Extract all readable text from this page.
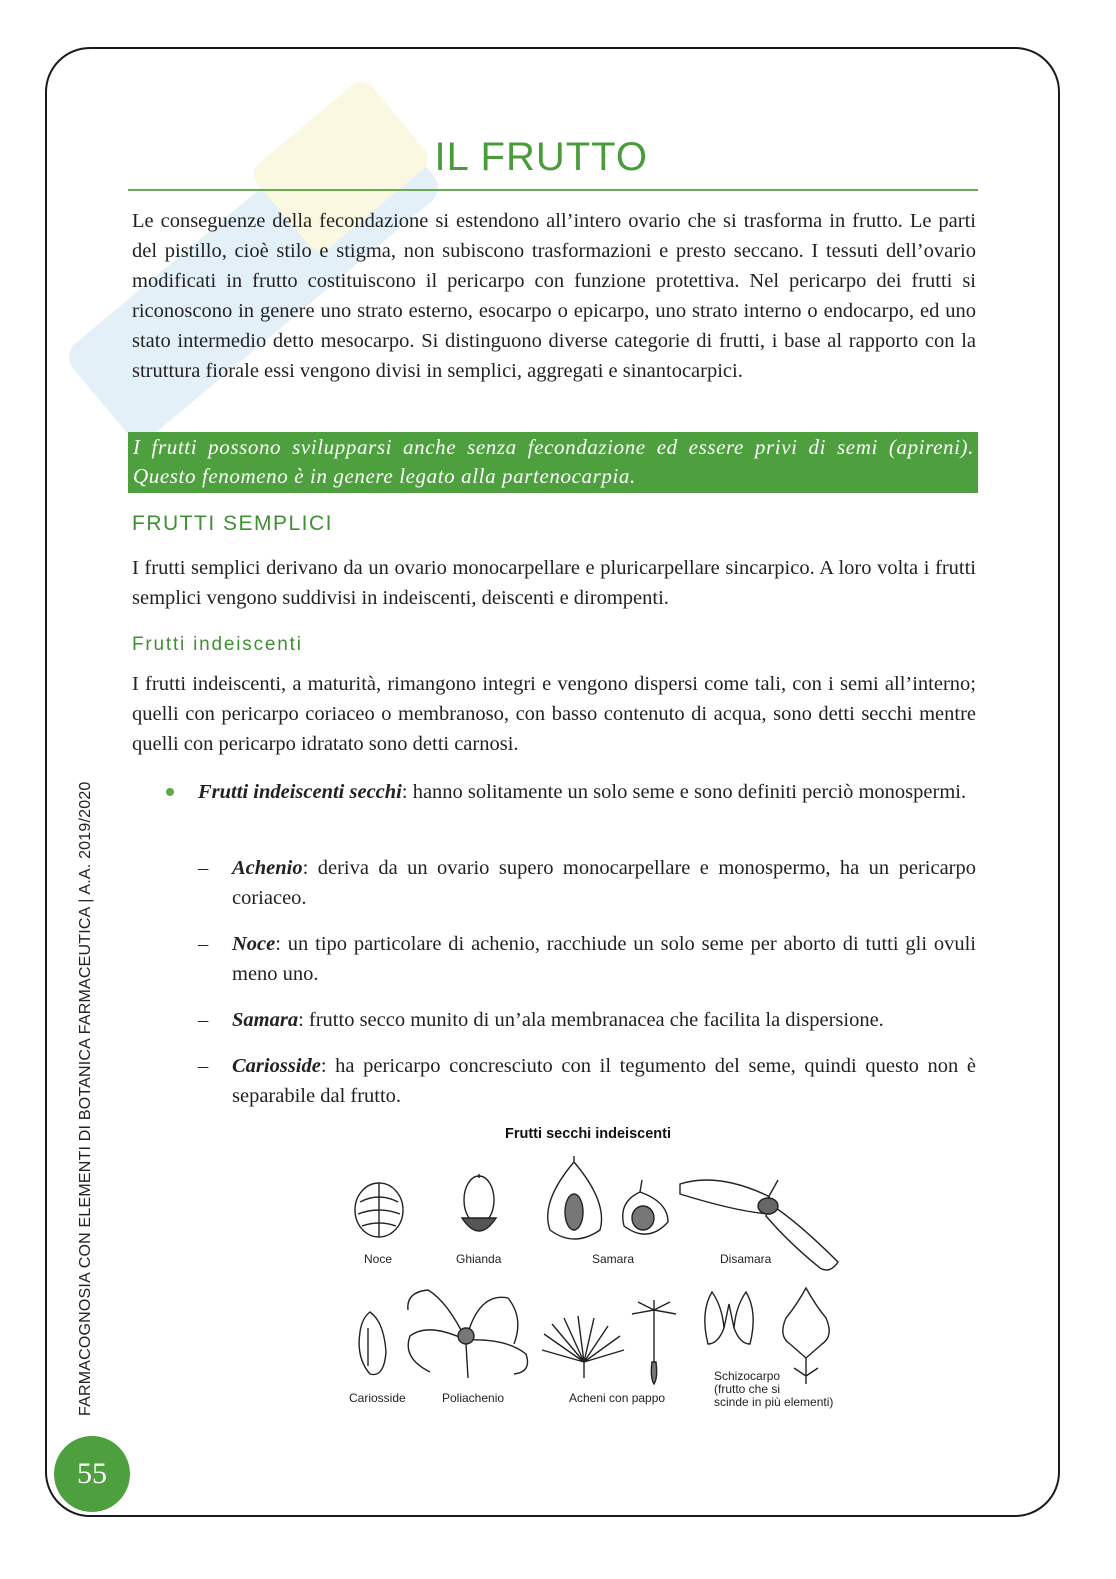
IL FRUTTO

Le conseguenze della fecondazione si estendono all’intero ovario che si trasforma in frutto. Le parti del pistillo, cioè stilo e stigma, non subiscono trasformazioni e presto seccano. I tessuti dell’ovario modificati in frutto costituiscono il pericarpo con funzione protettiva. Nel pericarpo dei frutti si riconoscono in genere uno strato esterno, esocarpo o epicarpo, uno strato interno o endocarpo, ed uno stato intermedio detto mesocarpo. Si distinguono diverse categorie di frutti, i base al rapporto con la struttura fiorale essi vengono divisi in semplici, aggregati e sinantocarpici.

I frutti possono svilupparsi anche senza fecondazione ed essere privi di semi (apireni). Questo fenomeno è in genere legato alla partenocarpia.
FRUTTI SEMPLICI

I frutti semplici derivano da un ovario monocarpellare e pluricarpellare sincarpico. A loro volta i frutti semplici vengono suddivisi in indeiscenti, deiscenti e dirompenti.

Frutti indeiscenti

I frutti indeiscenti, a maturità, rimangono integri e vengono dispersi come tali, con i semi all’interno; quelli con pericarpo coriaceo o membranoso, con basso contenuto di acqua, sono detti secchi mentre quelli con pericarpo idratato sono detti carnosi.

Frutti indeiscenti secchi: hanno solitamente un solo seme e sono definiti perciò monospermi.

– Achenio: deriva da un ovario supero monocarpellare e monospermo, ha un pericarpo coriaceo.
– Noce: un tipo particolare di achenio, racchiude un solo seme per aborto di tutti gli ovuli meno uno.
– Samara: frutto secco munito di un’ala membranacea che facilita la dispersione.
– Cariosside: ha pericarpo concresciuto con il tegumento del seme, quindi questo non è separabile dal frutto.
Frutti secchi indeiscenti
Noce	Ghianda	Samara	Disamara
Cariosside	Poliachenio	Acheni con pappo
Schizocarpo
(frutto che si
scinde in più elementi)
FARMACOGNOSIA CON ELEMENTI DI BOTANICA FARMACEUTICA | A.A. 2019/2020
55
